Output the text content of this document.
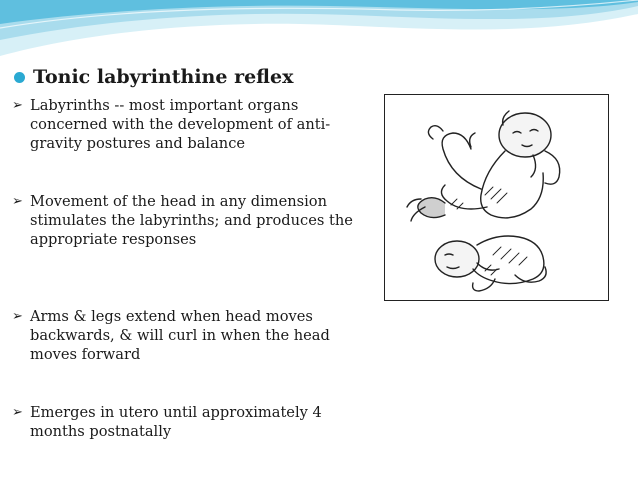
Tonic labyrinthine reflex
➢ Labyrinths -- most important organs concerned with the development of anti-gravity postures and balance
➢ Movement of the head in any dimension stimulates the labyrinths; and produces the appropriate responses
➢ Arms & legs extend when head moves backwards, & will curl in when the head moves forward
➢ Emerges in utero until approximately 4 months postnatally
